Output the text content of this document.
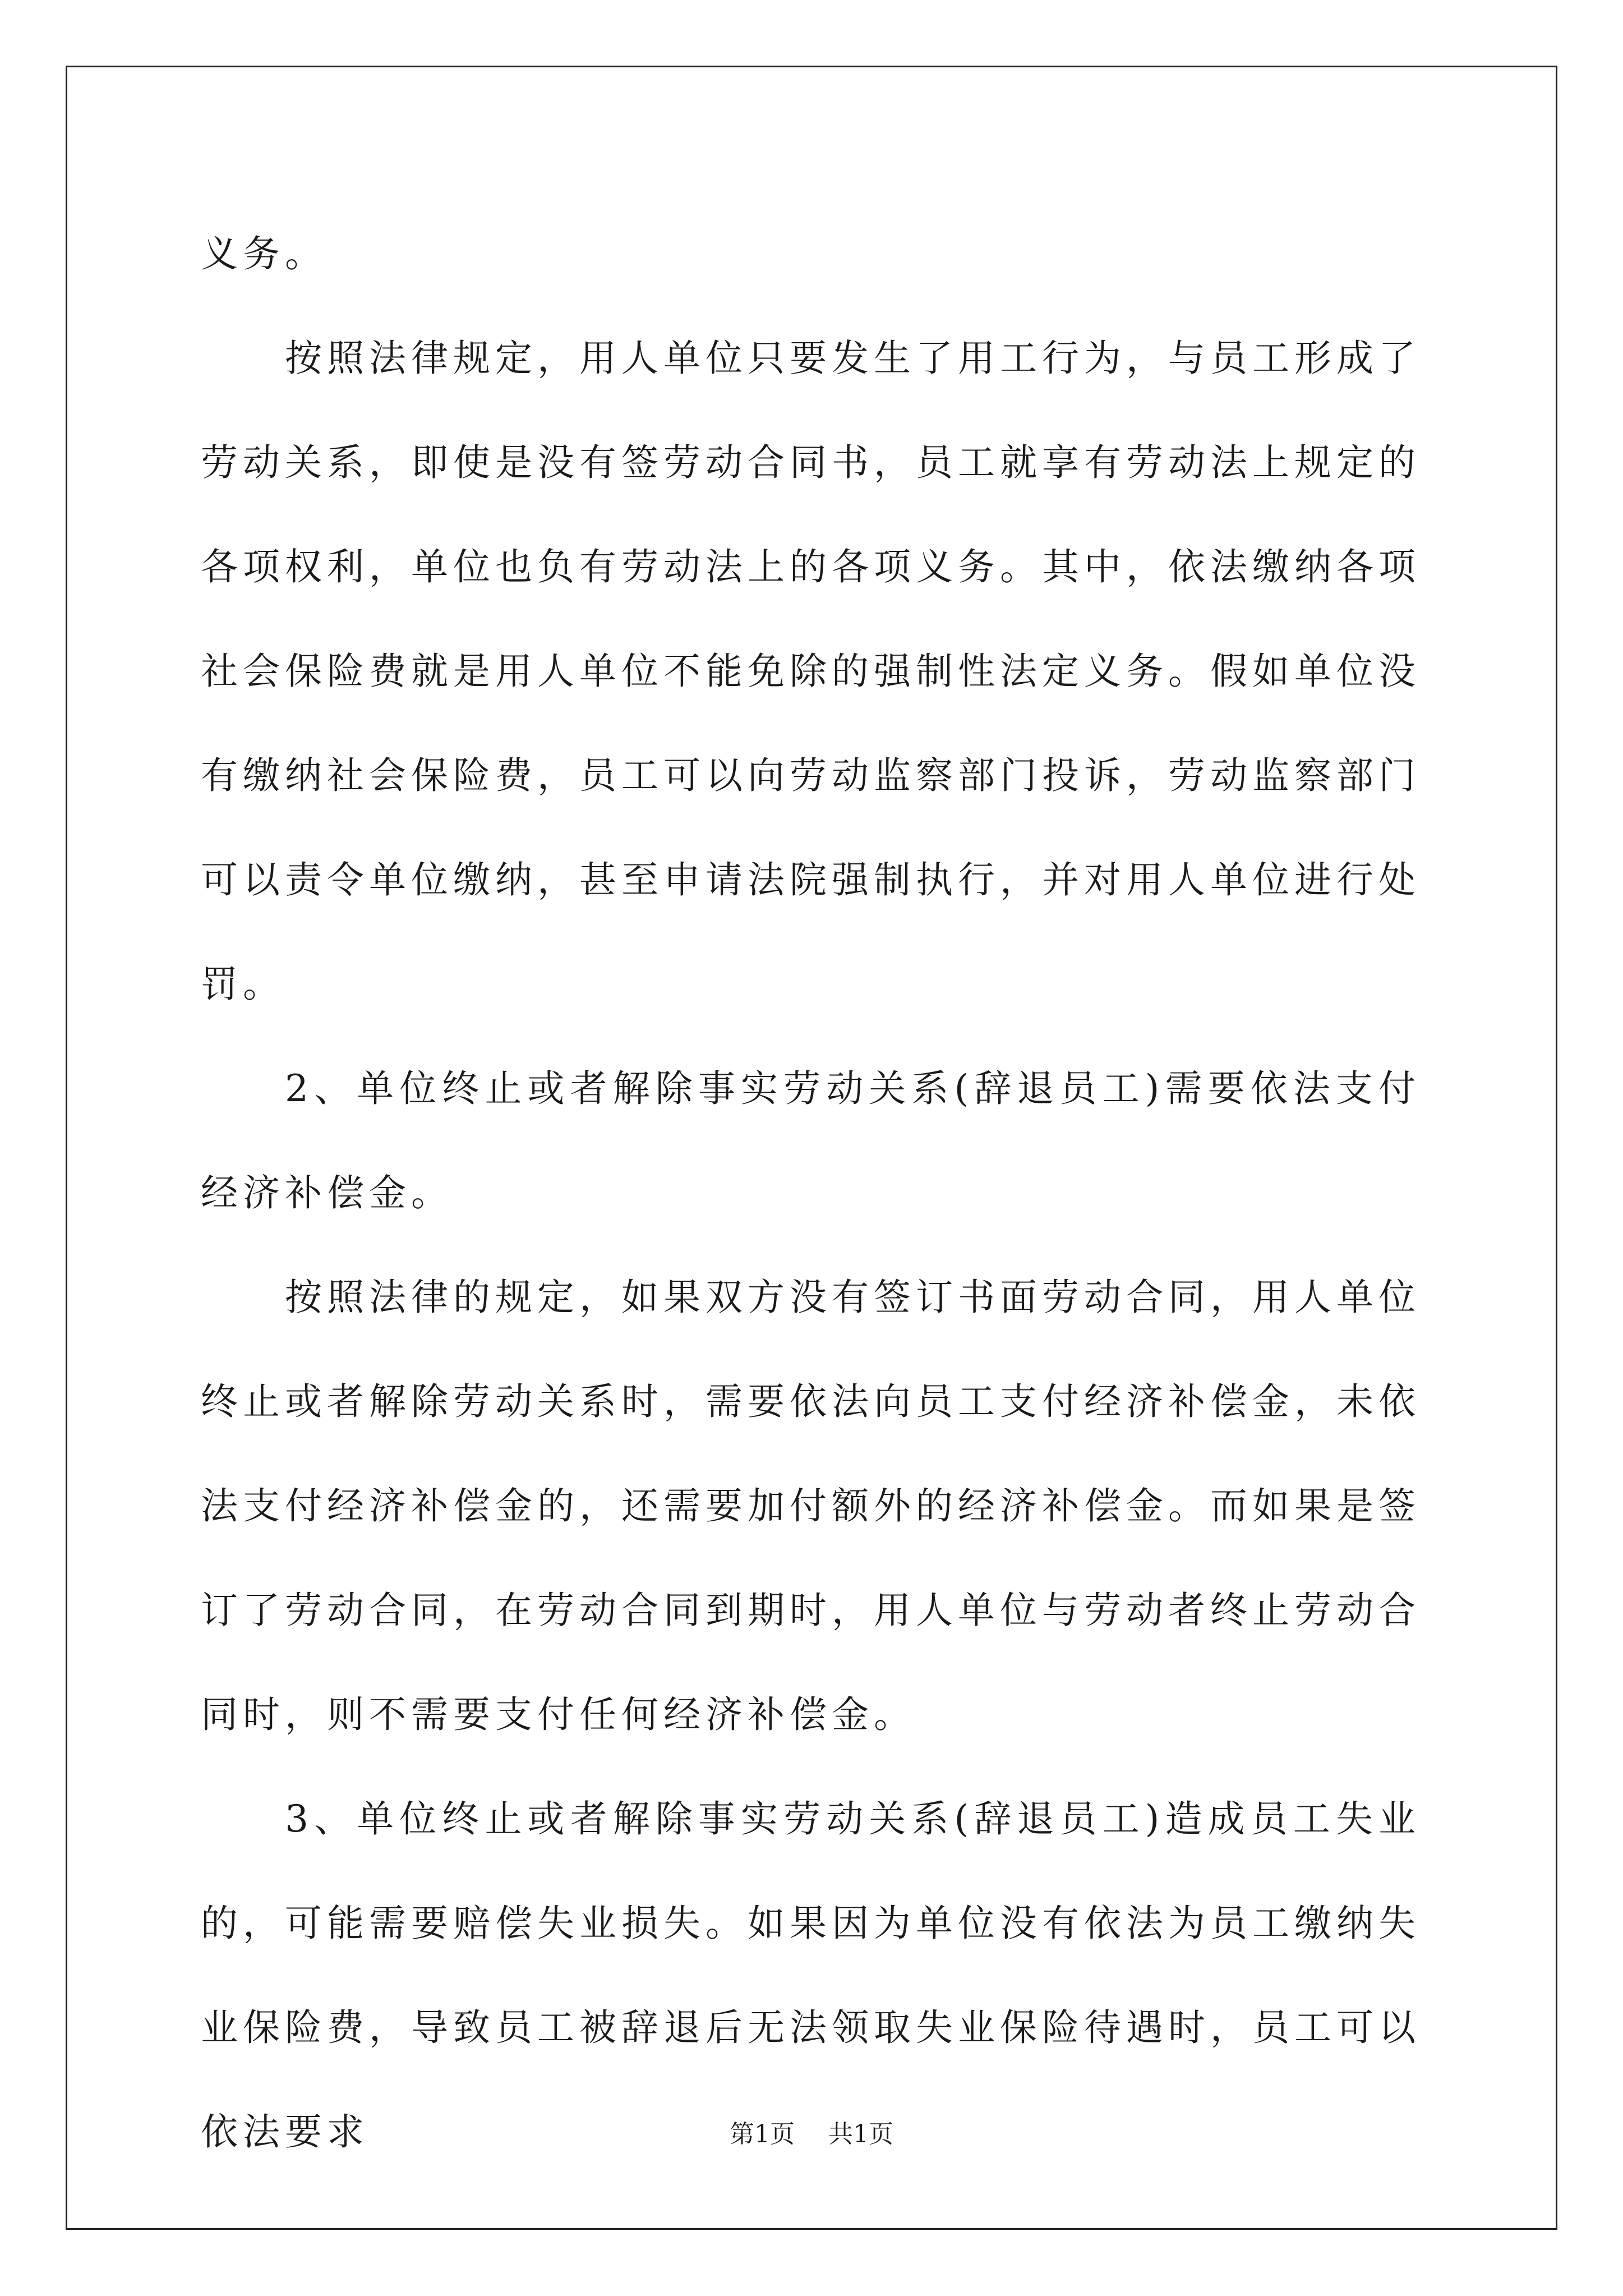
义务。

按照法律规定，用人单位只要发生了用工行为，与员工形成了劳动关系，即使是没有签劳动合同书，员工就享有劳动法上规定的各项权利，单位也负有劳动法上的各项义务。其中，依法缴纳各项社会保险费就是用人单位不能免除的强制性法定义务。假如单位没有缴纳社会保险费，员工可以向劳动监察部门投诉，劳动监察部门可以责令单位缴纳，甚至申请法院强制执行，并对用人单位进行处罚。

2、单位终止或者解除事实劳动关系(辞退员工)需要依法支付经济补偿金。

按照法律的规定，如果双方没有签订书面劳动合同，用人单位终止或者解除劳动关系时，需要依法向员工支付经济补偿金，未依法支付经济补偿金的，还需要加付额外的经济补偿金。而如果是签订了劳动合同，在劳动合同到期时，用人单位与劳动者终止劳动合同时，则不需要支付任何经济补偿金。

3、单位终止或者解除事实劳动关系(辞退员工)造成员工失业的，可能需要赔偿失业损失。如果因为单位没有依法为员工缴纳失业保险费，导致员工被辞退后无法领取失业保险待遇时，员工可以依法要求	第1页 共1页
